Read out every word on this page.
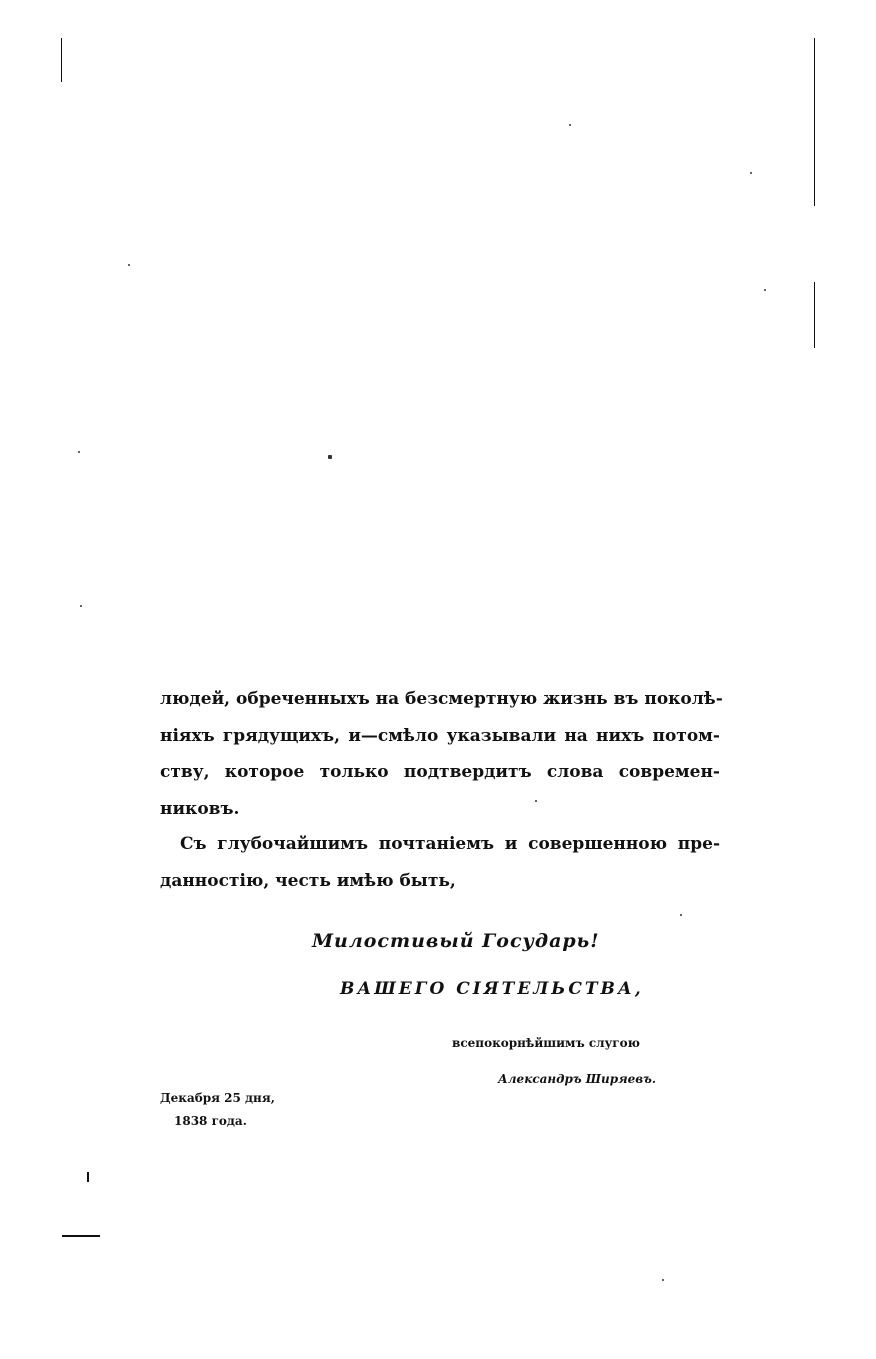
людей, обреченныхъ на безсмертную жизнь въ поколѣ-
ніяхъ грядущихъ, и—смѣло указывали на нихъ потом-
ству, которое только подтвердитъ слова современ-
никовъ.
Съ глубочайшимъ почтаніемъ и совершенною пре-
данностію, честь имѣю быть,
Милостивый Государь!
ВАШЕГО СІЯТЕЛЬСТВА,
всепокорнѣйшимъ слугою
Александръ Ширяевъ.
Декабря 25 дня,
1838 года.
